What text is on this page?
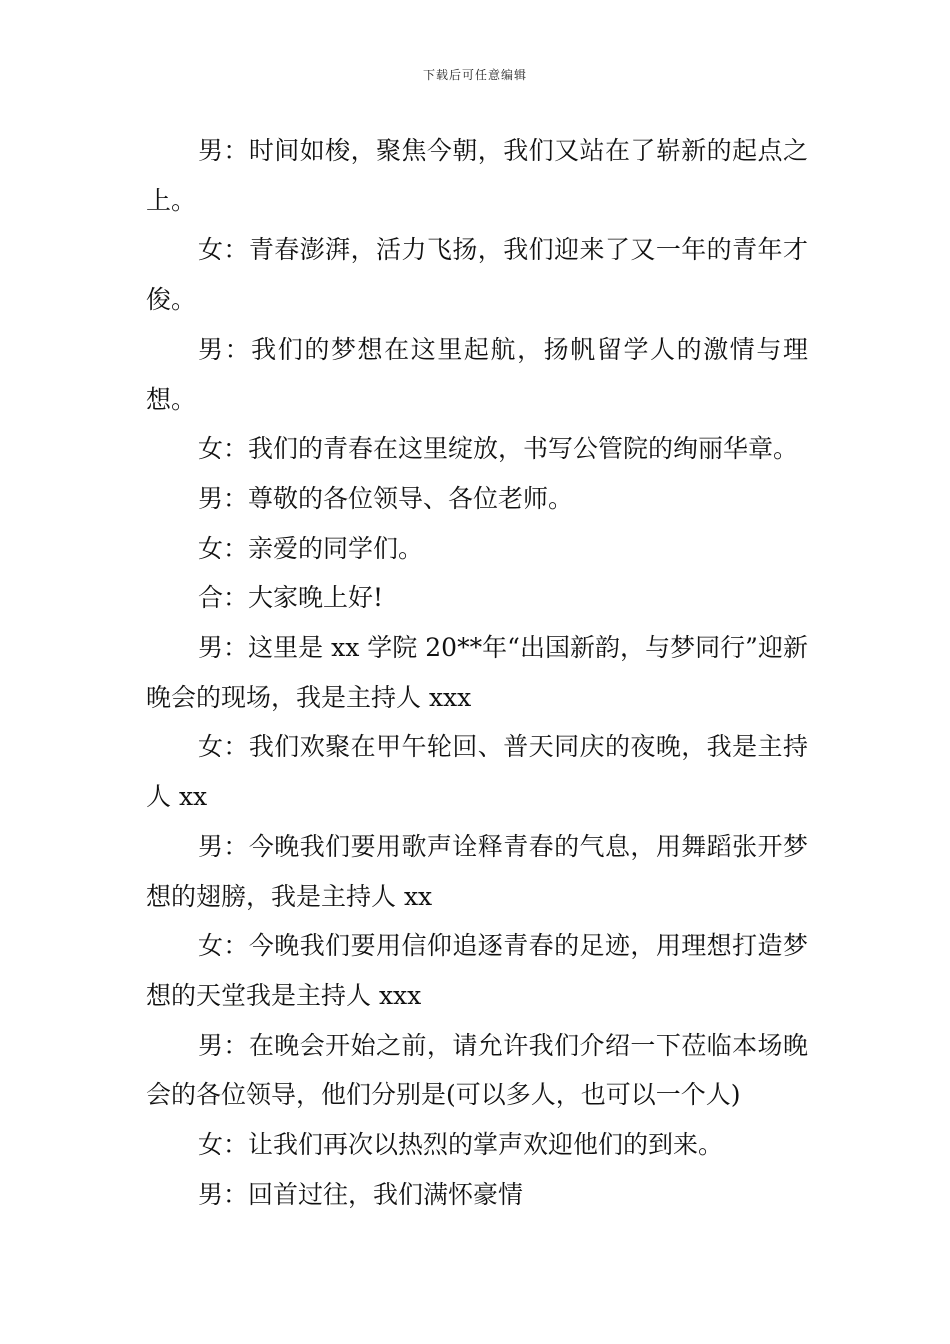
下载后可任意编辑

男：时间如梭，聚焦今朝，我们又站在了崭新的起点之上。

女：青春澎湃，活力飞扬，我们迎来了又一年的青年才俊。

男：我们的梦想在这里起航，扬帆留学人的激情与理想。

女：我们的青春在这里绽放，书写公管院的绚丽华章。

男：尊敬的各位领导、各位老师。

女：亲爱的同学们。

合：大家晚上好!

男：这里是 xx 学院 20**年“出国新韵，与梦同行”迎新晚会的现场，我是主持人 xxx

女：我们欢聚在甲午轮回、普天同庆的夜晚，我是主持人 xx

男：今晚我们要用歌声诠释青春的气息，用舞蹈张开梦想的翅膀，我是主持人 xx

女：今晚我们要用信仰追逐青春的足迹，用理想打造梦想的天堂我是主持人 xxx

男：在晚会开始之前，请允许我们介绍一下莅临本场晚会的各位领导，他们分别是(可以多人，也可以一个人)

女：让我们再次以热烈的掌声欢迎他们的到来。

男：回首过往，我们满怀豪情
